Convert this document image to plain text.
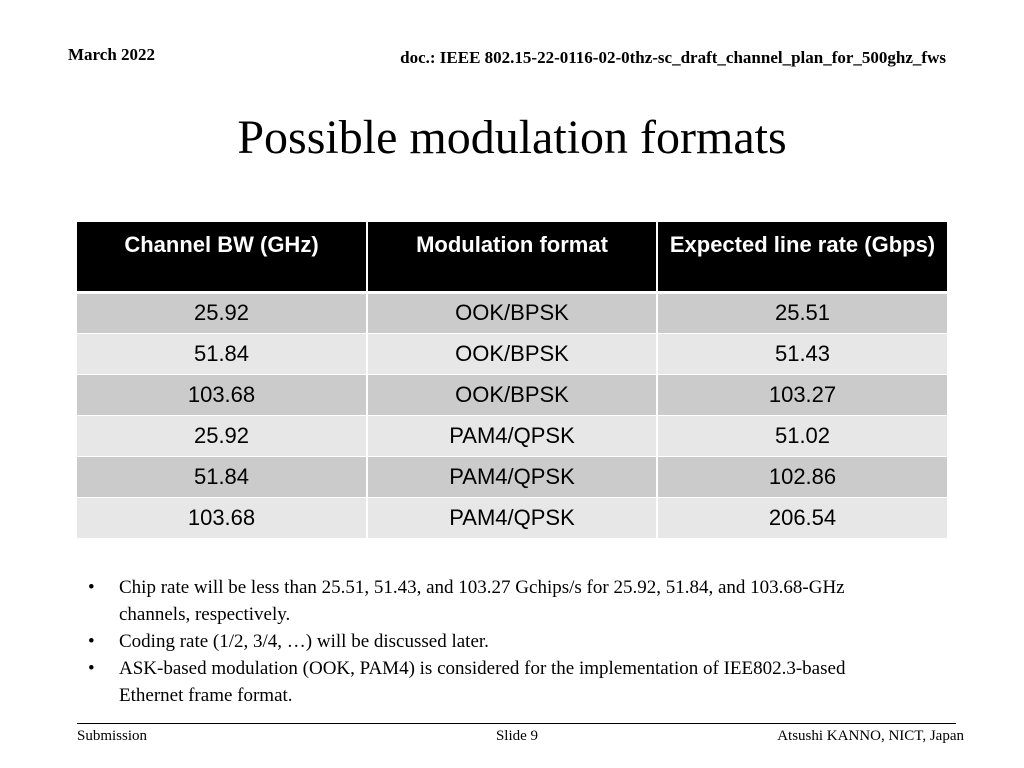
March 2022	doc.: IEEE 802.15-22-0116-02-0thz-sc_draft_channel_plan_for_500ghz_fws
Possible modulation formats
Channel BW (GHz)	Modulation format	Expected line rate (Gbps)
25.92	OOK/BPSK	25.51
51.84	OOK/BPSK	51.43
103.68	OOK/BPSK	103.27
25.92	PAM4/QPSK	51.02
51.84	PAM4/QPSK	102.86
103.68	PAM4/QPSK	206.54
• Chip rate will be less than 25.51, 51.43, and 103.27 Gchips/s for 25.92, 51.84, and 103.68-GHz channels, respectively.
• Coding rate (1/2, 3/4, …) will be discussed later.
• ASK-based modulation (OOK, PAM4) is considered for the implementation of IEE802.3-based Ethernet frame format.
Submission	Slide 9	Atsushi KANNO, NICT, Japan
